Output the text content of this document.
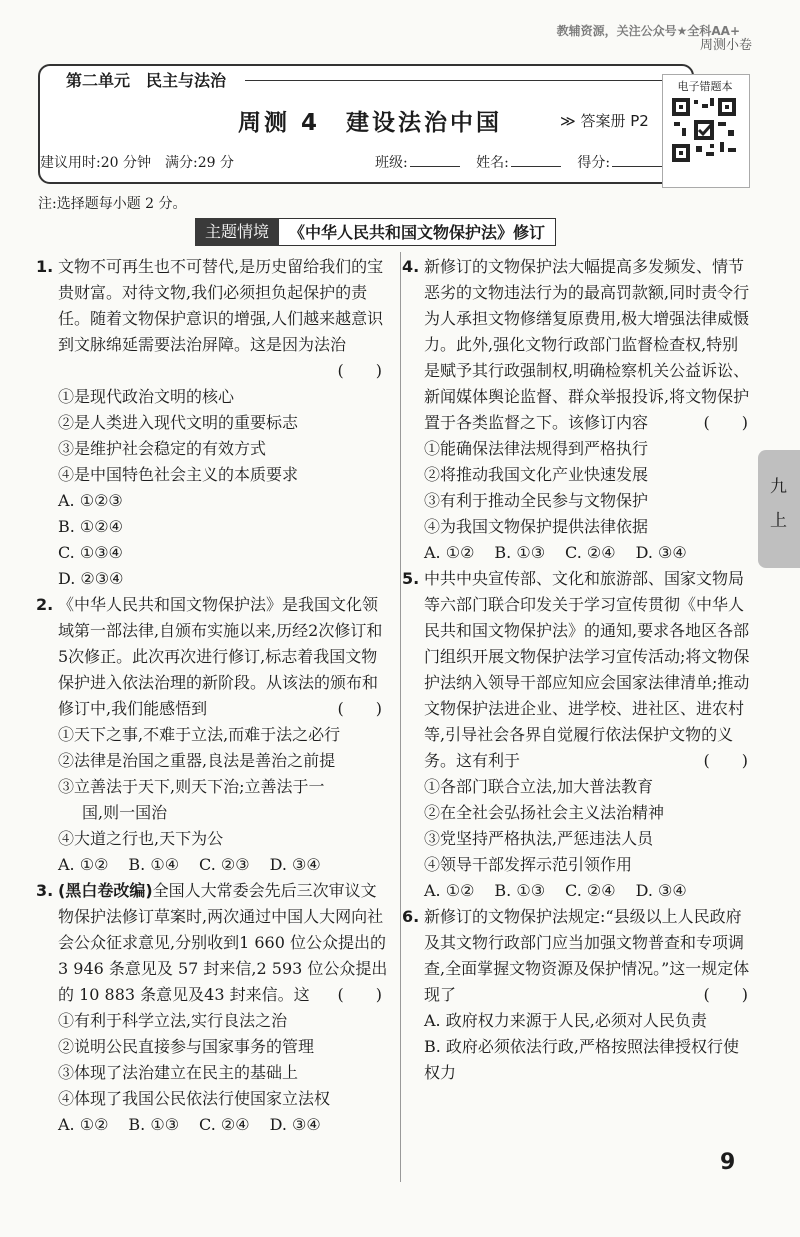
教辅资源，关注公众号★全科AA+
周测小卷
第二单元　民主与法治
周测 4　建设法治中国	≫ 答案册 P2
建议用时:20 分钟　满分:29 分	班级:	姓名:	得分:
电子错题本
注:选择题每小题 2 分。
主题情境	《中华人民共和国文物保护法》修订
1. 文物不可再生也不可替代,是历史留给我们的宝贵财富。对待文物,我们必须担负起保护的责任。随着文物保护意识的增强,人们越来越意识到文脉绵延需要法治屏障。这是因为法治
(　　)
①是现代政治文明的核心
②是人类进入现代文明的重要标志
③是维护社会稳定的有效方式
④是中国特色社会主义的本质要求
A. ①②③
B. ①②④
C. ①③④
D. ②③④
2. 《中华人民共和国文物保护法》是我国文化领域第一部法律,自颁布实施以来,历经2次修订和5次修正。此次再次进行修订,标志着我国文物保护进入依法治理的新阶段。从该法的颁布和修订中,我们能感悟到	(　　)
①天下之事,不难于立法,而难于法之必行
②法律是治国之重器,良法是善治之前提
③立善法于天下,则天下治;立善法于一
国,则一国治
④大道之行也,天下为公
A. ①② B. ①④ C. ②③ D. ③④
3. (黑白卷改编)全国人大常委会先后三次审议文物保护法修订草案时,两次通过中国人大网向社会公众征求意见,分别收到1 660 位公众提出的 3 946 条意见及 57 封来信,2 593 位公众提出的 10 883 条意见及43 封来信。这 (　　)
①有利于科学立法,实行良法之治
②说明公民直接参与国家事务的管理
③体现了法治建立在民主的基础上
④体现了我国公民依法行使国家立法权
A. ①② B. ①③ C. ②④ D. ③④
4. 新修订的文物保护法大幅提高多发频发、情节恶劣的文物违法行为的最高罚款额,同时责令行为人承担文物修缮复原费用,极大增强法律威慑力。此外,强化文物行政部门监督检查权,特别是赋予其行政强制权,明确检察机关公益诉讼、新闻媒体舆论监督、群众举报投诉,将文物保护置于各类监督之下。该修订内容	(　　)
①能确保法律法规得到严格执行
②将推动我国文化产业快速发展
③有利于推动全民参与文物保护
④为我国文物保护提供法律依据
A. ①② B. ①③ C. ②④ D. ③④
5. 中共中央宣传部、文化和旅游部、国家文物局等六部门联合印发关于学习宣传贯彻《中华人民共和国文物保护法》的通知,要求各地区各部门组织开展文物保护法学习宣传活动;将文物保护法纳入领导干部应知应会国家法律清单;推动文物保护法进企业、进学校、进社区、进农村等,引导社会各界自觉履行依法保护文物的义务。这有利于	(　　)
①各部门联合立法,加大普法教育
②在全社会弘扬社会主义法治精神
③党坚持严格执法,严惩违法人员
④领导干部发挥示范引领作用
A. ①② B. ①③ C. ②④ D. ③④
6. 新修订的文物保护法规定:“县级以上人民政府及其文物行政部门应当加强文物普查和专项调查,全面掌握文物资源及保护情况。”这一规定体现了	(　　)
A. 政府权力来源于人民,必须对人民负责
B. 政府必须依法行政,严格按照法律授权行使权力
九
上
9
